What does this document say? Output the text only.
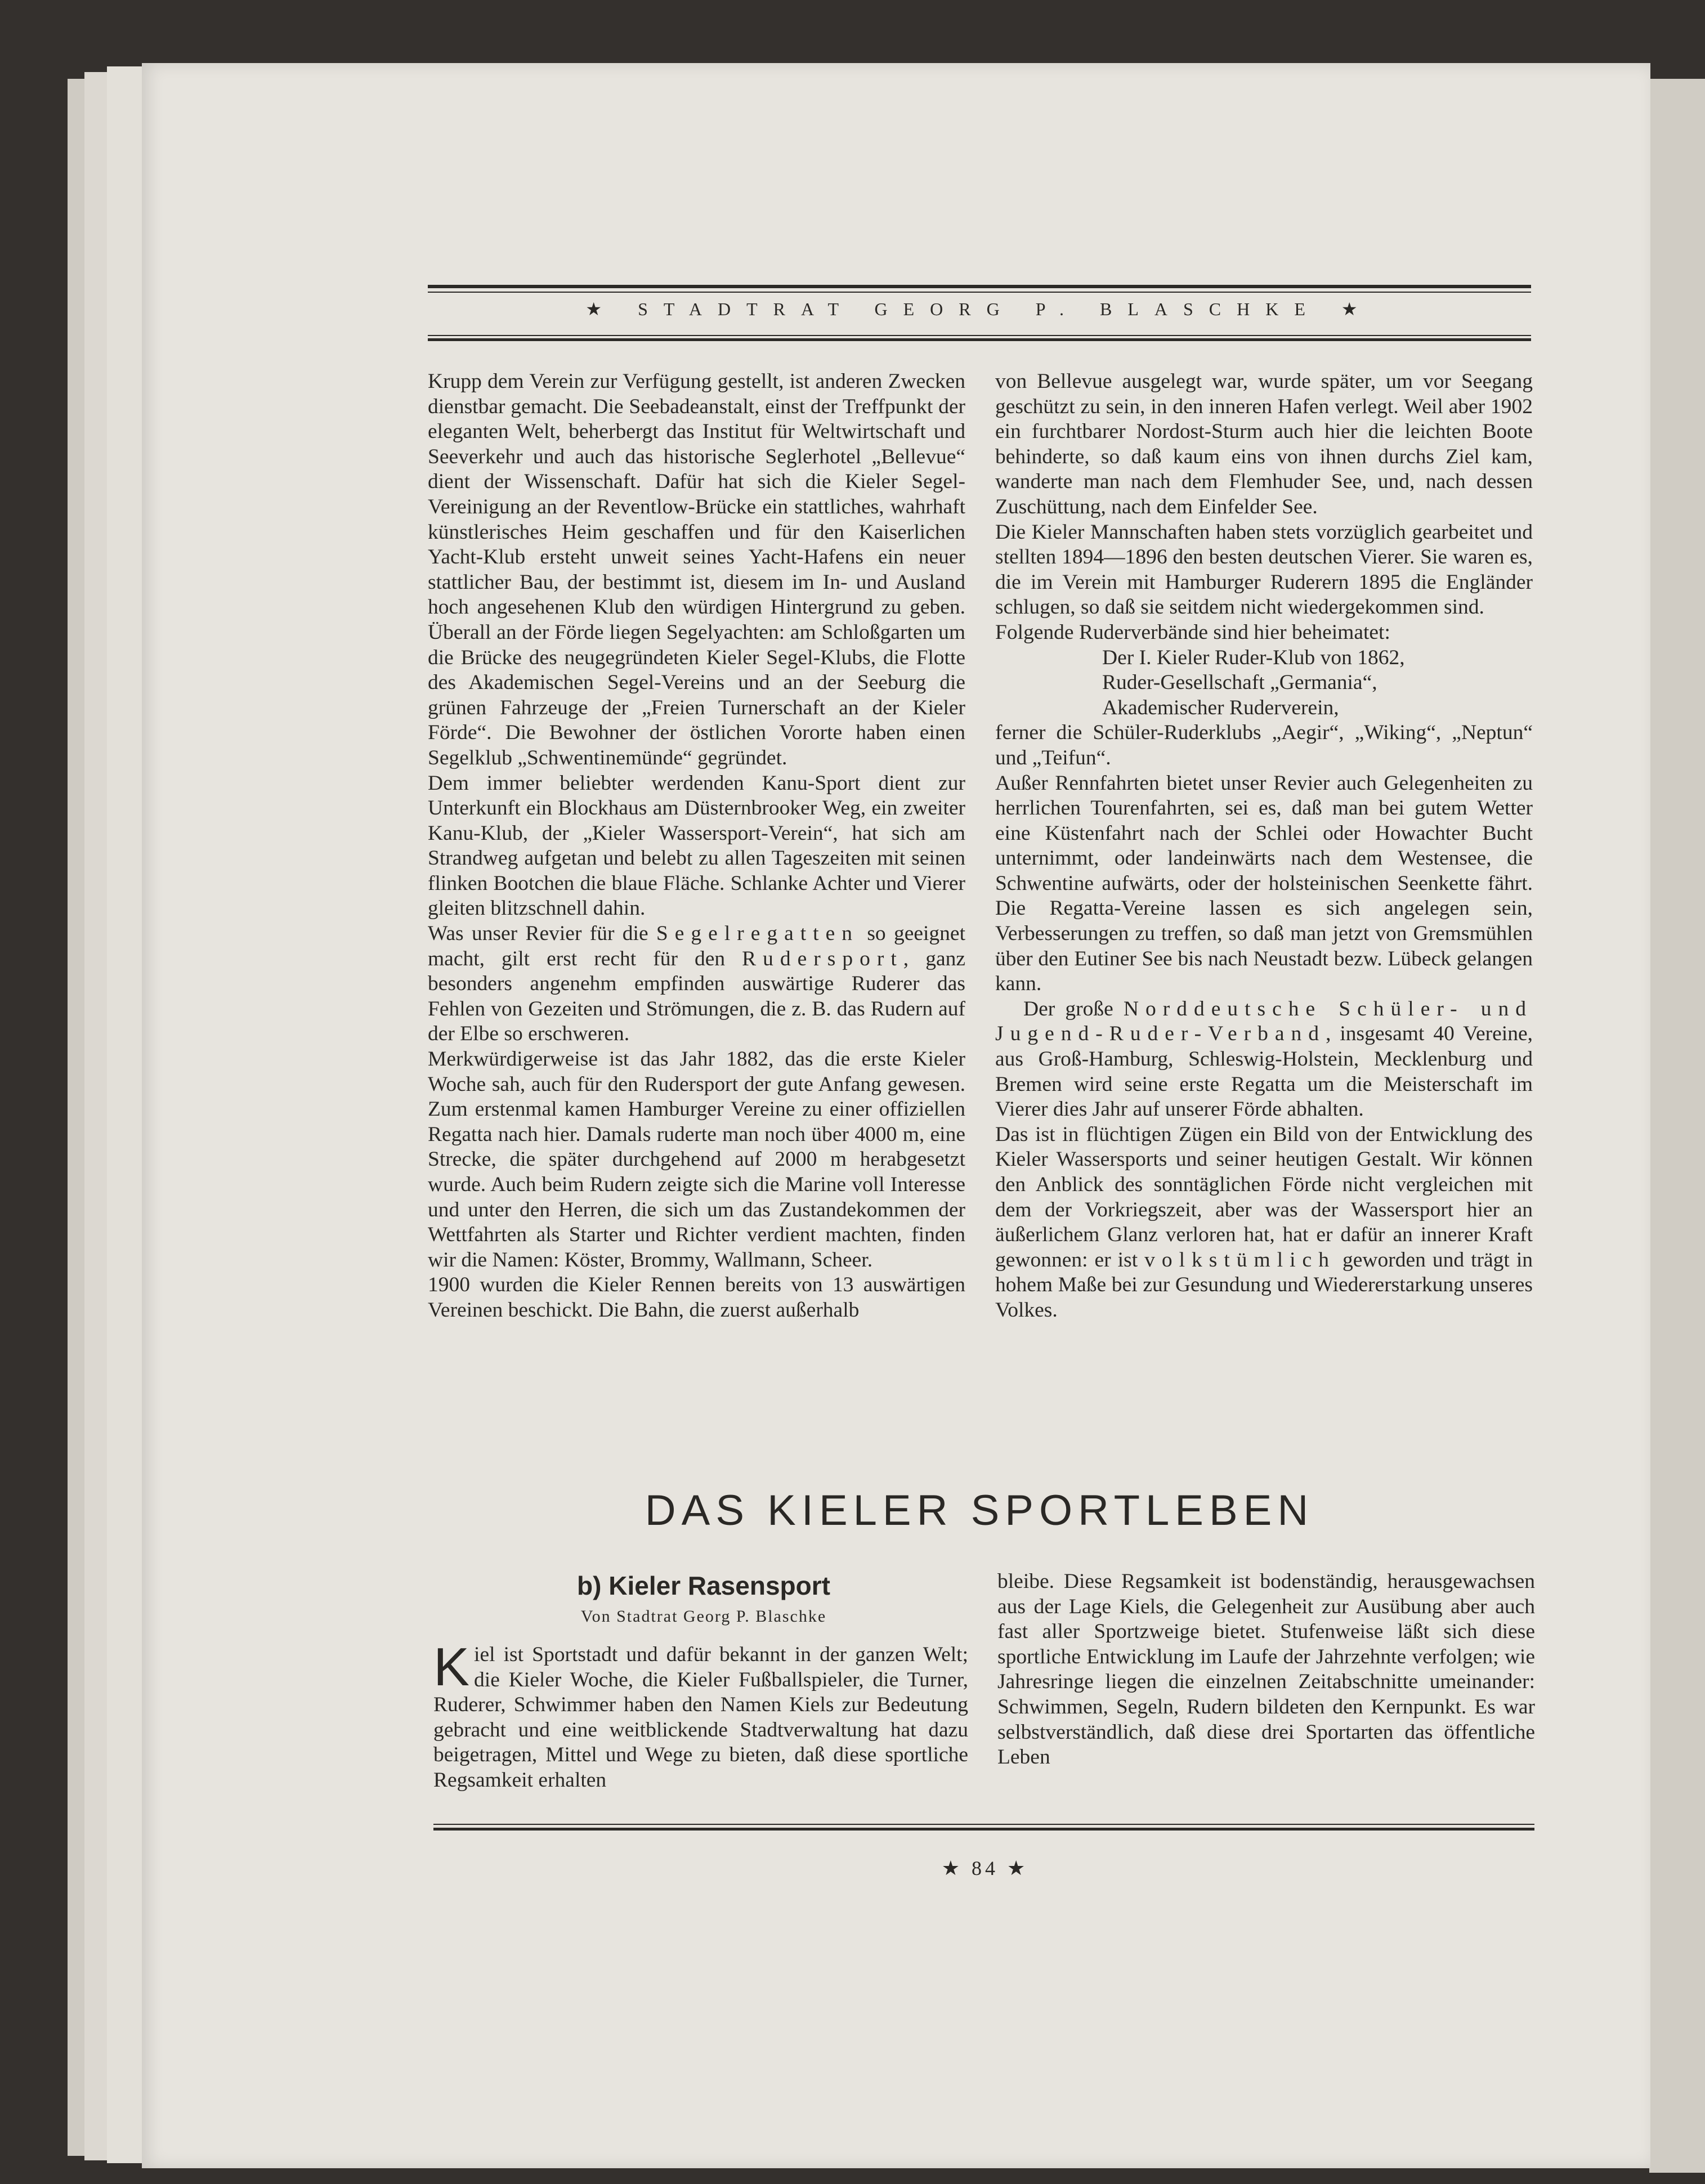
★ STADTRAT GEORG P. BLASCHKE ★

Krupp dem Verein zur Verfügung gestellt, ist anderen Zwecken dienstbar gemacht. Die Seebadeanstalt, einst der Treffpunkt der eleganten Welt, beherbergt das Institut für Weltwirtschaft und Seeverkehr und auch das historische Seglerhotel „Bellevue“ dient der Wissenschaft. Dafür hat sich die Kieler Segel-Vereinigung an der Reventlow-Brücke ein stattliches, wahrhaft künstlerisches Heim geschaffen und für den Kaiserlichen Yacht-Klub ersteht unweit seines Yacht-Hafens ein neuer stattlicher Bau, der bestimmt ist, diesem im In- und Ausland hoch angesehenen Klub den würdigen Hintergrund zu geben. Überall an der Förde liegen Segelyachten: am Schloßgarten um die Brücke des neugegründeten Kieler Segel-Klubs, die Flotte des Akademischen Segel-Vereins und an der Seeburg die grünen Fahrzeuge der „Freien Turnerschaft an der Kieler Förde“. Die Bewohner der östlichen Vororte haben einen Segelklub „Schwentinemünde“ gegründet.

Dem immer beliebter werdenden Kanu-Sport dient zur Unterkunft ein Blockhaus am Düsternbrooker Weg, ein zweiter Kanu-Klub, der „Kieler Wassersport-Verein“, hat sich am Strandweg aufgetan und belebt zu allen Tageszeiten mit seinen flinken Bootchen die blaue Fläche. Schlanke Achter und Vierer gleiten blitzschnell dahin.

Was unser Revier für die Segelregatten so geeignet macht, gilt erst recht für den Rudersport, ganz besonders angenehm empfinden auswärtige Ruderer das Fehlen von Gezeiten und Strömungen, die z. B. das Rudern auf der Elbe so erschweren.

Merkwürdigerweise ist das Jahr 1882, das die erste Kieler Woche sah, auch für den Rudersport der gute Anfang gewesen. Zum erstenmal kamen Hamburger Vereine zu einer offiziellen Regatta nach hier. Damals ruderte man noch über 4000 m, eine Strecke, die später durchgehend auf 2000 m herabgesetzt wurde. Auch beim Rudern zeigte sich die Marine voll Interesse und unter den Herren, die sich um das Zustandekommen der Wettfahrten als Starter und Richter verdient machten, finden wir die Namen: Köster, Brommy, Wallmann, Scheer.

1900 wurden die Kieler Rennen bereits von 13 auswärtigen Vereinen beschickt. Die Bahn, die zuerst außerhalb

von Bellevue ausgelegt war, wurde später, um vor Seegang geschützt zu sein, in den inneren Hafen verlegt. Weil aber 1902 ein furchtbarer Nordost-Sturm auch hier die leichten Boote behinderte, so daß kaum eins von ihnen durchs Ziel kam, wanderte man nach dem Flemhuder See, und, nach dessen Zuschüttung, nach dem Einfelder See.

Die Kieler Mannschaften haben stets vorzüglich gearbeitet und stellten 1894—1896 den besten deutschen Vierer. Sie waren es, die im Verein mit Hamburger Ruderern 1895 die Engländer schlugen, so daß sie seitdem nicht wiedergekommen sind.

Folgende Ruderverbände sind hier beheimatet:

Der I. Kieler Ruder-Klub von 1862,
Ruder-Gesellschaft „Germania“,
Akademischer Ruderverein,

ferner die Schüler-Ruderklubs „Aegir“, „Wiking“, „Neptun“ und „Teifun“.

Außer Rennfahrten bietet unser Revier auch Gelegenheiten zu herrlichen Tourenfahrten, sei es, daß man bei gutem Wetter eine Küstenfahrt nach der Schlei oder Howachter Bucht unternimmt, oder landeinwärts nach dem Westensee, die Schwentine aufwärts, oder der holsteinischen Seenkette fährt. Die Regatta-Vereine lassen es sich angelegen sein, Verbesserungen zu treffen, so daß man jetzt von Gremsmühlen über den Eutiner See bis nach Neustadt bezw. Lübeck gelangen kann.

Der große Norddeutsche Schüler- und Jugend-Ruder-Verband, insgesamt 40 Vereine, aus Groß-Hamburg, Schleswig-Holstein, Mecklenburg und Bremen wird seine erste Regatta um die Meisterschaft im Vierer dies Jahr auf unserer Förde abhalten.

Das ist in flüchtigen Zügen ein Bild von der Entwicklung des Kieler Wassersports und seiner heutigen Gestalt. Wir können den Anblick des sonntäglichen Förde nicht vergleichen mit dem der Vorkriegszeit, aber was der Wassersport hier an äußerlichem Glanz verloren hat, hat er dafür an innerer Kraft gewonnen: er ist volkstümlich geworden und trägt in hohem Maße bei zur Gesundung und Wiedererstarkung unseres Volkes.

DAS KIELER SPORTLEBEN
b) Kieler Rasensport
Von Stadtrat Georg P. Blaschke

Kiel ist Sportstadt und dafür bekannt in der ganzen Welt; die Kieler Woche, die Kieler Fußballspieler, die Turner, Ruderer, Schwimmer haben den Namen Kiels zur Bedeutung gebracht und eine weitblickende Stadtverwaltung hat dazu beigetragen, Mittel und Wege zu bieten, daß diese sportliche Regsamkeit erhalten

bleibe. Diese Regsamkeit ist bodenständig, herausgewachsen aus der Lage Kiels, die Gelegenheit zur Ausübung aber auch fast aller Sportzweige bietet. Stufenweise läßt sich diese sportliche Entwicklung im Laufe der Jahrzehnte verfolgen; wie Jahresringe liegen die einzelnen Zeitabschnitte umeinander: Schwimmen, Segeln, Rudern bildeten den Kernpunkt. Es war selbstverständlich, daß diese drei Sportarten das öffentliche Leben

★ 84 ★
